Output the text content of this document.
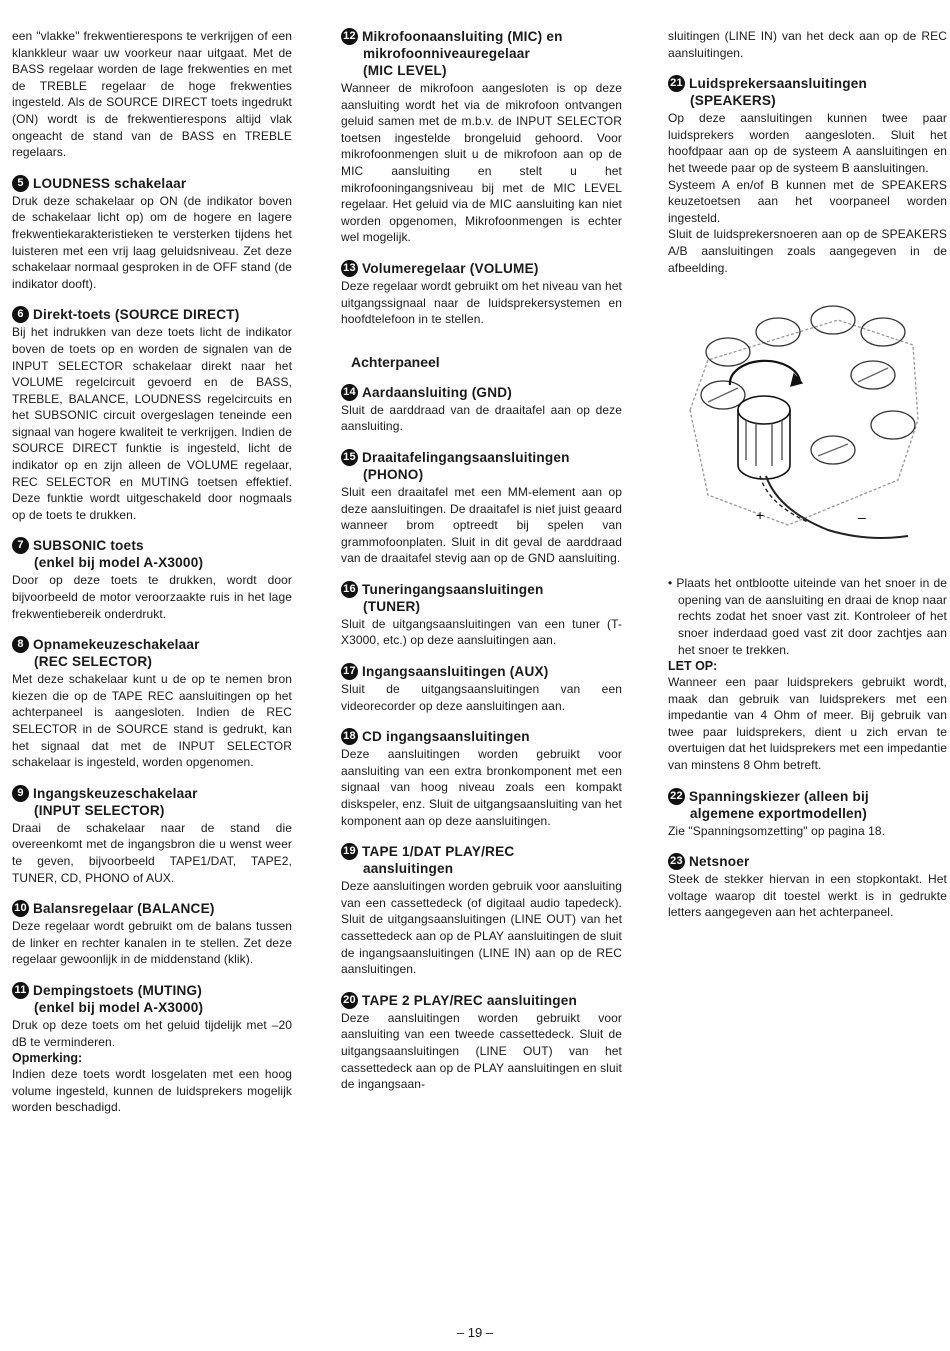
een "vlakke" frekwentierespons te verkrijgen of een klankkleur waar uw voorkeur naar uitgaat. Met de BASS regelaar worden de lage frekwenties en met de TREBLE regelaar de hoge frekwenties ingesteld. Als de SOURCE DIRECT toets ingedrukt (ON) wordt is de frekwentierespons altijd vlak ongeacht de stand van de BASS en TREBLE regelaars.

5 LOUDNESS schakelaar

Druk deze schakelaar op ON (de indikator boven de schakelaar licht op) om de hogere en lagere frekwentiekarakteristieken te versterken tijdens het luisteren met een vrij laag geluidsniveau. Zet deze schakelaar normaal gesproken in de OFF stand (de indikator dooft).

6 Direkt-toets (SOURCE DIRECT)

Bij het indrukken van deze toets licht de indikator boven de toets op en worden de signalen van de INPUT SELECTOR schakelaar direkt naar het VOLUME regelcircuit gevoerd en de BASS, TREBLE, BALANCE, LOUDNESS regelcircuits en het SUBSONIC circuit overgeslagen teneinde een signaal van hogere kwaliteit te verkrijgen. Indien de SOURCE DIRECT funktie is ingesteld, licht de indikator op en zijn alleen de VOLUME regelaar, REC SELECTOR en MUTING toetsen effektief. Deze funktie wordt uitgeschakeld door nogmaals op de toets te drukken.

7 SUBSONIC toets
(enkel bij model A-X3000)

Door op deze toets te drukken, wordt door bijvoorbeeld de motor veroorzaakte ruis in het lage frekwentiebereik onderdrukt.

8 Opnamekeuzeschakelaar
(REC SELECTOR)

Met deze schakelaar kunt u de op te nemen bron kiezen die op de TAPE REC aansluitingen op het achterpaneel is aangesloten. Indien de REC SELECTOR in de SOURCE stand is gedrukt, kan het signaal dat met de INPUT SELECTOR schakelaar is ingesteld, worden opgenomen.

9 Ingangskeuzeschakelaar
(INPUT SELECTOR)

Draai de schakelaar naar de stand die overeenkomt met de ingangsbron die u wenst weer te geven, bijvoorbeeld TAPE1/DAT, TAPE2, TUNER, CD, PHONO of AUX.

10 Balansregelaar (BALANCE)

Deze regelaar wordt gebruikt om de balans tussen de linker en rechter kanalen in te stellen. Zet deze regelaar gewoonlijk in de middenstand (klik).

11 Dempingstoets (MUTING)
(enkel bij model A-X3000)

Druk op deze toets om het geluid tijdelijk met –20 dB te verminderen.

Opmerking:

Indien deze toets wordt losgelaten met een hoog volume ingesteld, kunnen de luidsprekers mogelijk worden beschadigd.

12 Mikrofoonaansluiting (MIC) en
mikrofoonniveauregelaar
(MIC LEVEL)

Wanneer de mikrofoon aangesloten is op deze aansluiting wordt het via de mikrofoon ontvangen geluid samen met de m.b.v. de INPUT SELECTOR toetsen ingestelde brongeluid gehoord. Voor mikrofoonmengen sluit u de mikrofoon aan op de MIC aansluiting en stelt u het mikrofooningangsniveau bij met de MIC LEVEL regelaar. Het geluid via de MIC aansluiting kan niet worden opgenomen, Mikrofoonmengen is echter wel mogelijk.

13 Volumeregelaar (VOLUME)

Deze regelaar wordt gebruikt om het niveau van het uitgangssignaal naar de luidsprekersystemen en hoofdtelefoon in te stellen.

Achterpaneel
14 Aardaansluiting (GND)

Sluit de aarddraad van de draaitafel aan op deze aansluiting.

15 Draaitafelingangsaansluitingen
(PHONO)

Sluit een draaitafel met een MM-element aan op deze aansluitingen. De draaitafel is niet juist geaard wanneer brom optreedt bij spelen van grammofoonplaten. Sluit in dit geval de aarddraad van de draaitafel stevig aan op de GND aansluiting.

16 Tuneringangsaansluitingen
(TUNER)

Sluit de uitgangsaansluitingen van een tuner (T-X3000, etc.) op deze aansluitingen aan.

17 Ingangsaansluitingen (AUX)

Sluit de uitgangsaansluitingen van een videorecorder op deze aansluitingen aan.

18 CD ingangsaansluitingen

Deze aansluitingen worden gebruikt voor aansluiting van een extra bronkomponent met een signaal van hoog niveau zoals een kompakt diskspeler, enz. Sluit de uitgangsaansluiting van het komponent aan op deze aansluitingen.

19 TAPE 1/DAT PLAY/REC
aansluitingen

Deze aansluitingen worden gebruik voor aansluiting van een cassettedeck (of digitaal audio tapedeck). Sluit de uitgangsaansluitingen (LINE OUT) van het cassettedeck aan op de PLAY aansluitingen de sluit de ingangsaansluitingen (LINE IN) aan op de REC aansluitingen.

20 TAPE 2 PLAY/REC aansluitingen

Deze aansluitingen worden gebruikt voor aansluiting van een tweede cassettedeck. Sluit de uitgangsaansluitingen (LINE OUT) van het cassettedeck aan op de PLAY aansluitingen en sluit de ingangsaan-

sluitingen (LINE IN) van het deck aan op de REC aansluitingen.

21 Luidsprekersaansluitingen
(SPEAKERS)

Op deze aansluitingen kunnen twee paar luidsprekers worden aangesloten. Sluit het hoofdpaar aan op de systeem A aansluitingen en het tweede paar op de systeem B aansluitingen.

Systeem A en/of B kunnen met de SPEAKERS keuzetoetsen aan het voorpaneel worden ingesteld.

Sluit de luidsprekersnoeren aan op de SPEAKERS A/B aansluitingen zoals aangegeven in de afbeelding.

+	–

• Plaats het ontblootte uiteinde van het snoer in de opening van de aansluiting en draai de knop naar rechts zodat het snoer vast zit. Kontroleer of het snoer inderdaad goed vast zit door zachtjes aan het snoer te trekken.

LET OP:

Wanneer een paar luidsprekers gebruikt wordt, maak dan gebruik van luidsprekers met een impedantie van 4 Ohm of meer. Bij gebruik van twee paar luidsprekers, dient u zich ervan te overtuigen dat het luidsprekers met een impedantie van minstens 8 Ohm betreft.

22 Spanningskiezer (alleen bij
algemene exportmodellen)

Zie "Spanningsomzetting" op pagina 18.

23 Netsnoer

Steek de stekker hiervan in een stopkontakt. Het voltage waarop dit toestel werkt is in gedrukte letters aangegeven aan het achterpaneel.

– 19 –
